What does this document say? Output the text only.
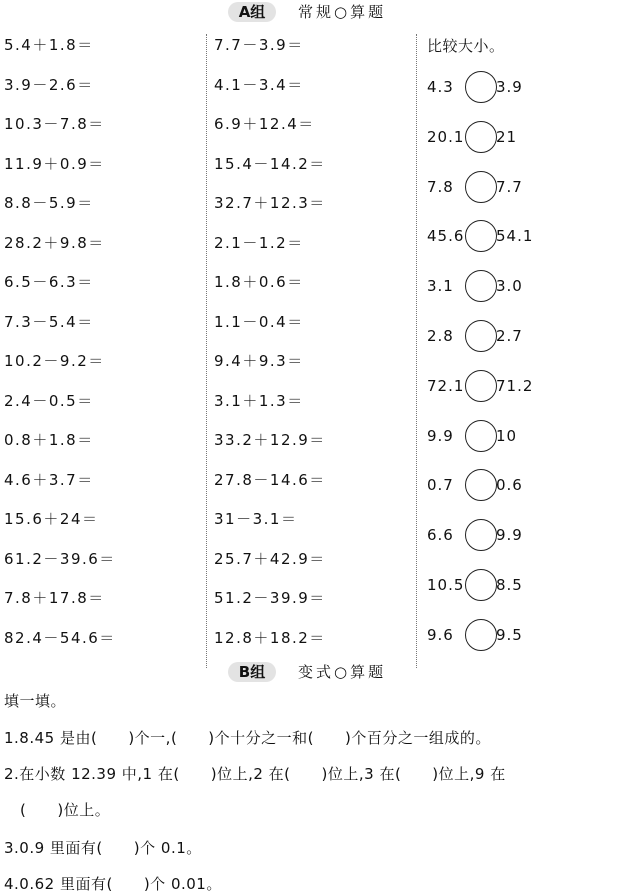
A组	常规○算题
5.4＋1.8＝
3.9－2.6＝
10.3－7.8＝
11.9＋0.9＝
8.8－5.9＝
28.2＋9.8＝
6.5－6.3＝
7.3－5.4＝
10.2－9.2＝
2.4－0.5＝
0.8＋1.8＝
4.6＋3.7＝
15.6＋24＝
61.2－39.6＝
7.8＋17.8＝
82.4－54.6＝
7.7－3.9＝
4.1－3.4＝
6.9＋12.4＝
15.4－14.2＝
32.7＋12.3＝
2.1－1.2＝
1.8＋0.6＝
1.1－0.4＝
9.4＋9.3＝
3.1＋1.3＝
33.2＋12.9＝
27.8－14.6＝
31－3.1＝
25.7＋42.9＝
51.2－39.9＝
12.8＋18.2＝
比较大小。
4.3	3.9
20.1 21
7.8	7.7
45.6 54.1
3.1	3.0
2.8	2.7
72.1 71.2
9.9	10
0.7	0.6
6.6	9.9
10.5 8.5
9.6	9.5
B组	变式○算题
填一填。
1.8.45 是由(　　)个一,(　　)个十分之一和(　　)个百分之一组成的。
2.在小数 12.39 中,1 在(　　)位上,2 在(　　)位上,3 在(　　)位上,9 在
(　　)位上。
3.0.9 里面有(　　)个 0.1。
4.0.62 里面有(　　)个 0.01。
